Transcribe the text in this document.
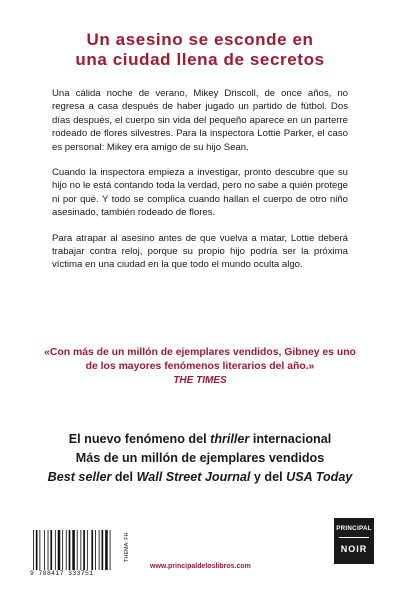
Un asesino se esconde en
una ciudad llena de secretos

Una cálida noche de verano, Mikey Driscoll, de once años, no regresa a casa después de haber jugado un partido de fútbol. Dos días después, el cuerpo sin vida del pequeño aparece en un parterre rodeado de flores silvestres. Para la inspectora Lottie Parker, el caso es personal: Mikey era amigo de su hijo Sean.

Cuando la inspectora empieza a investigar, pronto descubre que su hijo no le está contando toda la verdad, pero no sabe a quién protege ni por qué. Y todo se complica cuando hallan el cuerpo de otro niño asesinado, también rodeado de flores.

Para atrapar al asesino antes de que vuelva a matar, Lottie deberá trabajar contra reloj, porque su propio hijo podría ser la próxima víctima en una ciudad en la que todo el mundo oculta algo.

«Con más de un millón de ejemplares vendidos, Gibney es uno de los mayores fenómenos literarios del año.»
THE TIMES
El nuevo fenómeno del thriller internacional
Más de un millón de ejemplares vendidos
Best seller del Wall Street Journal y del USA Today
9 788417 333751
THEMA: FH
www.principaldeloslibros.com
PRINCIPAL
NOIR
